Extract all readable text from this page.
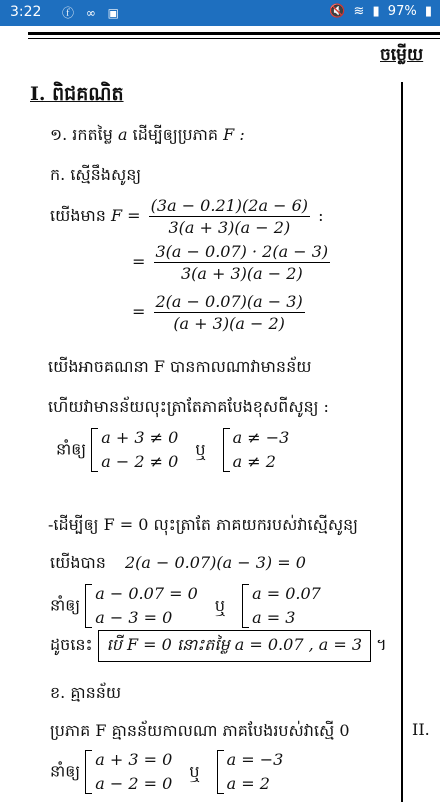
3:22 ⓕ ∞ ▣	🔇 ≋ ▮ 97% ▮
ចម្លើយ
I. ពិជគណិត
១. រកតម្លៃ a ដើម្បីឲ្យប្រភាគ F :
ក. ស្មើនឹងសូន្យ
យើងមាន $F = \frac{(3a - 0.21)(2a - 6)}{3(a + 3)(a - 2)}$ :
= $\frac{3(a - 0.07) \cdot 2(a - 3)}{3(a + 3)(a - 2)}$
= $\frac{2(a - 0.07)(a - 3)}{(a + 3)(a - 2)}$
យើងអាចគណនា F បានកាលណាវាមានន័យ
ហើយវាមានន័យលុះត្រាតែភាគបែងខុសពីសូន្យ :
នាំឲ្យ
a + 3 ≠ 0
a − 2 ≠ 0
ឬ
a ≠ −3
a ≠ 2
-ដើម្បីឲ្យ F = 0 លុះត្រាតែ ភាគយករបស់វាស្មើសូន្យ
យើងបាន 2(a − 0.07)(a − 3) = 0
នាំឲ្យ
a − 0.07 = 0
a − 3 = 0
ឬ
a = 0.07
a = 3
ដូចនេះ បើ F = 0 នោះតម្លៃ a = 0.07 , a = 3 ។
ខ. គ្មានន័យ
ប្រភាគ F គ្មានន័យកាលណា ភាគបែងរបស់វាស្មើ 0
នាំឲ្យ
a + 3 = 0
a − 2 = 0
ឬ
a = −3
a = 2
II.
